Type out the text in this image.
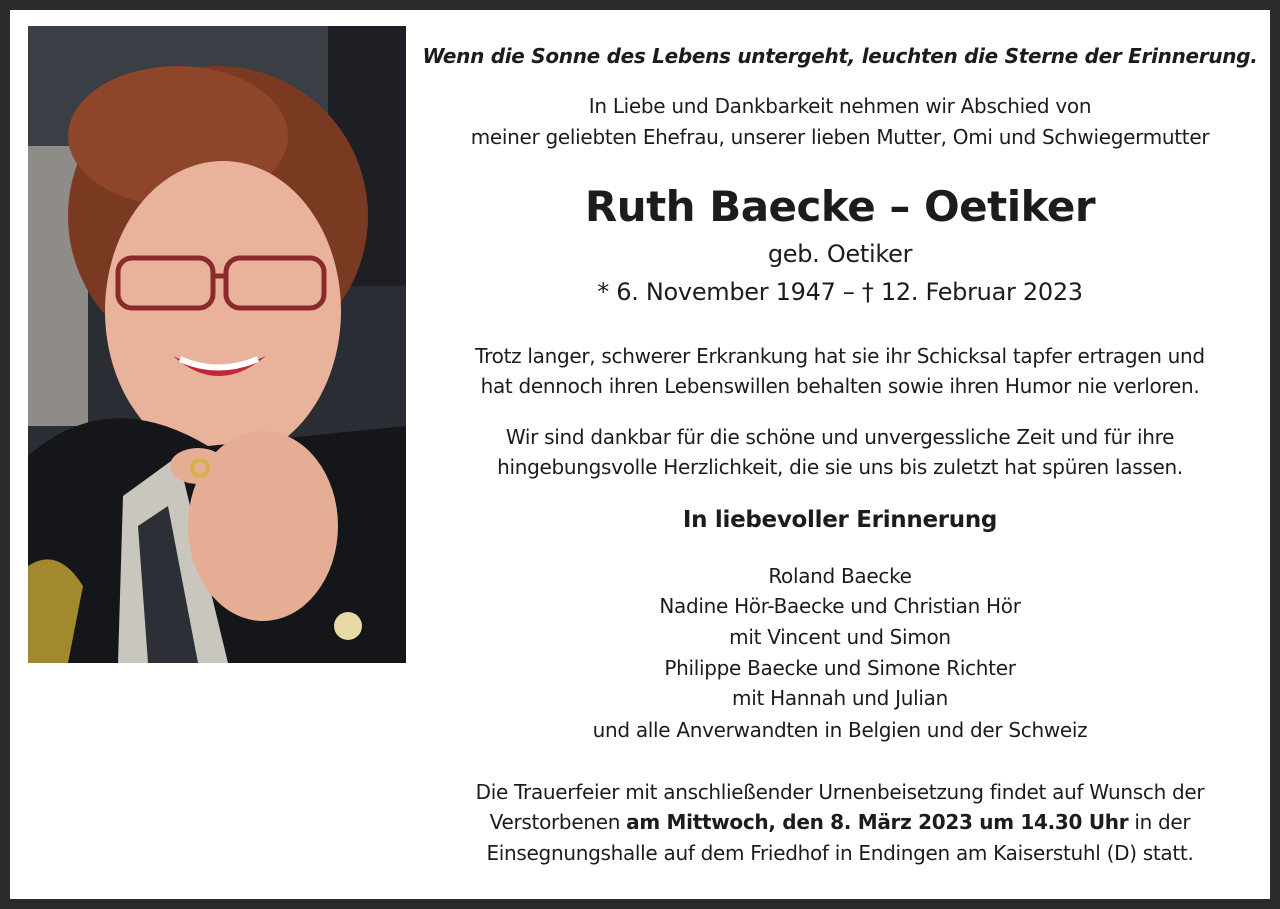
Wenn die Sonne des Lebens untergeht, leuchten die Sterne der Erinnerung.
In Liebe und Dankbarkeit nehmen wir Abschied von
meiner geliebten Ehefrau, unserer lieben Mutter, Omi und Schwiegermutter
Ruth Baecke – Oetiker
geb. Oetiker
* 6. November 1947 – † 12. Februar 2023
Trotz langer, schwerer Erkrankung hat sie ihr Schicksal tapfer ertragen und
hat dennoch ihren Lebenswillen behalten sowie ihren Humor nie verloren.
Wir sind dankbar für die schöne und unvergessliche Zeit und für ihre
hingebungsvolle Herzlichkeit, die sie uns bis zuletzt hat spüren lassen.
In liebevoller Erinnerung
Roland Baecke
Nadine Hör-Baecke und Christian Hör
mit Vincent und Simon
Philippe Baecke und Simone Richter
mit Hannah und Julian
und alle Anverwandten in Belgien und der Schweiz
Die Trauerfeier mit anschließender Urnenbeisetzung findet auf Wunsch der
Verstorbenen am Mittwoch, den 8. März 2023 um 14.30 Uhr in der
Einsegnungshalle auf dem Friedhof in Endingen am Kaiserstuhl (D) statt.
